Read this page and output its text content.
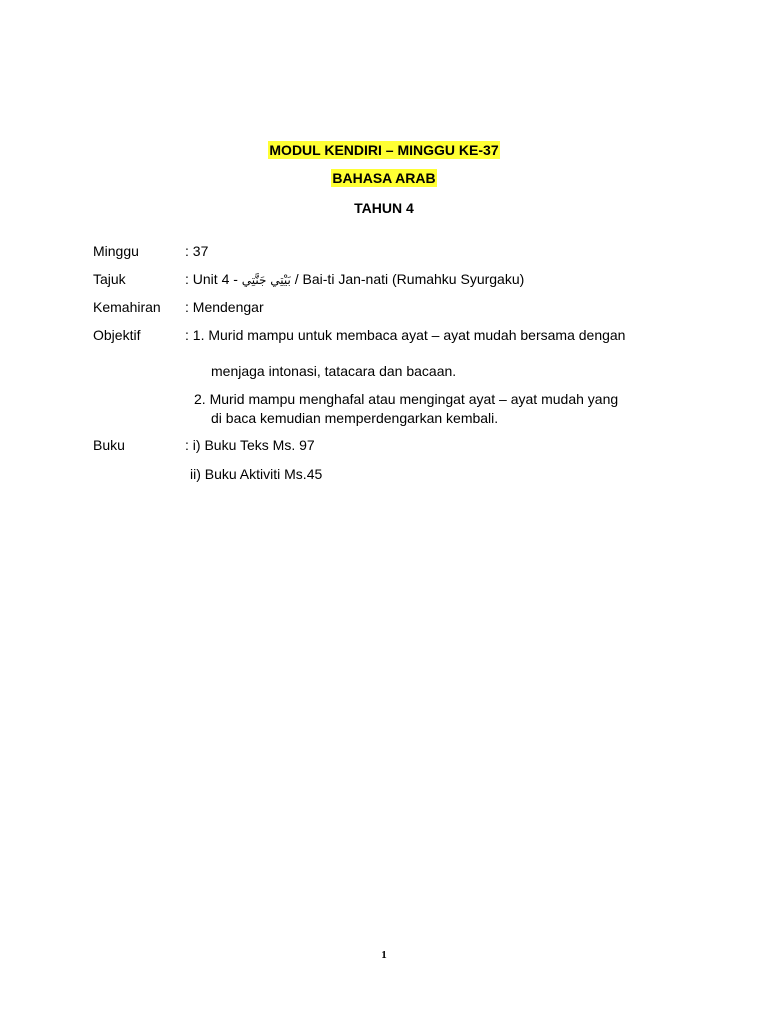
MODUL KENDIRI – MINGGU KE-37
BAHASA ARAB
TAHUN 4
Minggu	: 37
Tajuk	: Unit 4 - بَيْتِي جَنَّتِي / Bai-ti Jan-nati (Rumahku Syurgaku)
Kemahiran	: Mendengar
Objektif	: 1. Murid mampu untuk membaca ayat – ayat mudah bersama dengan
menjaga intonasi, tatacara dan bacaan.
2. Murid mampu menghafal atau mengingat ayat – ayat mudah yang
di baca kemudian memperdengarkan kembali.
Buku	: i) Buku Teks Ms. 97
ii) Buku Aktiviti Ms.45
1
